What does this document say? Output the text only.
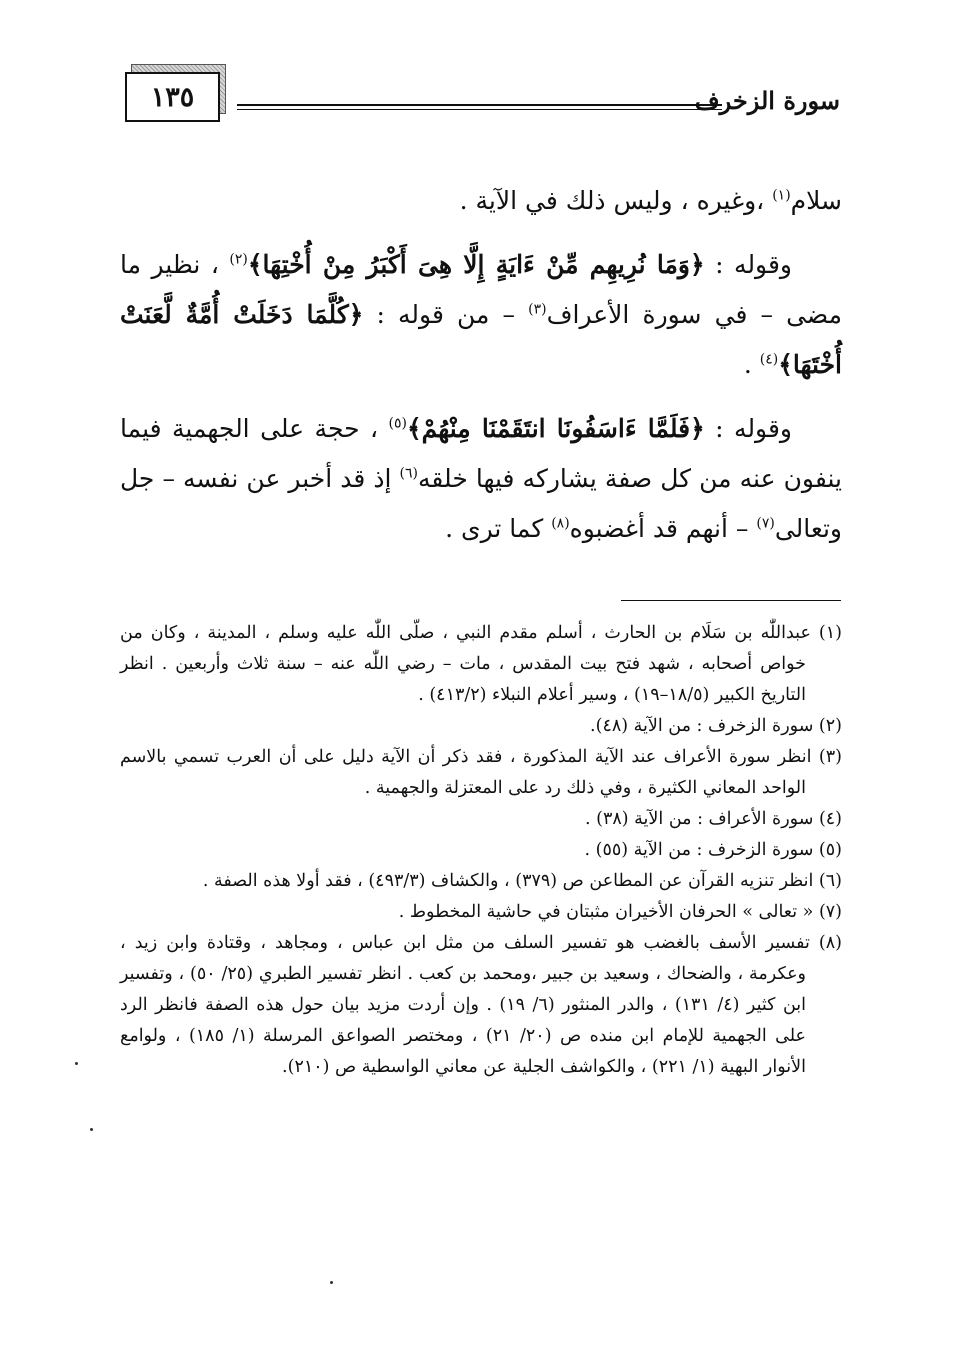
١٣٥	سورة الزخرف

سلام$^{(١)}$ ،وغيره ، وليس ذلك في الآية .

وقوله : ﴿وَمَا نُرِيهِم مِّنْ ءَايَةٍ إِلَّا هِىَ أَكْبَرُ مِنْ أُخْتِهَا﴾$^{(٢)}$ ، نظير ما مضى – في سورة الأعراف$^{(٣)}$ – من قوله : ﴿كُلَّمَا دَخَلَتْ أُمَّةٌ لَّعَنَتْ أُخْتَهَا﴾$^{(٤)}$ .

وقوله : ﴿فَلَمَّا ءَاسَفُونَا انتَقَمْنَا مِنْهُمْ﴾$^{(٥)}$ ، حجة على الجهمية فيما ينفون عنه من كل صفة يشاركه فيها خلقه$^{(٦)}$ إذ قد أخبر عن نفسه – جل وتعالى$^{(٧)}$ – أنهم قد أغضبوه$^{(٨)}$ كما ترى .

(١) عبداللّٰه بن سَلَام بن الحارث ، أسلم مقدم النبي ، صلّى اللّٰه عليه وسلم ، المدينة ، وكان من خواص أصحابه ، شهد فتح بيت المقدس ، مات – رضي اللّٰه عنه – سنة ثلاث وأربعين . انظر التاريخ الكبير (١٨/٥–١٩) ، وسير أعلام النبلاء (٤١٣/٢) .

(٢) سورة الزخرف : من الآية (٤٨).

(٣) انظر سورة الأعراف عند الآية المذكورة ، فقد ذكر أن الآية دليل على أن العرب تسمي بالاسم الواحد المعاني الكثيرة ، وفي ذلك رد على المعتزلة والجهمية .

(٤) سورة الأعراف : من الآية (٣٨) .

(٥) سورة الزخرف : من الآية (٥٥) .

(٦) انظر تنزيه القرآن عن المطاعن ص (٣٧٩) ، والكشاف (٤٩٣/٣) ، فقد أولا هذه الصفة .

(٧) « تعالى » الحرفان الأخيران مثبتان في حاشية المخطوط .

(٨) تفسير الأسف بالغضب هو تفسير السلف من مثل ابن عباس ، ومجاهد ، وقتادة وابن زيد ، وعكرمة ، والضحاك ، وسعيد بن جبير ،ومحمد بن كعب . انظر تفسير الطبري (٢٥/ ٥٠) ، وتفسير ابن كثير (٤/ ١٣١) ، والدر المنثور (٦/ ١٩) . وإن أردت مزيد بيان حول هذه الصفة فانظر الرد على الجهمية للإمام ابن منده ص (٢٠/ ٢١) ، ومختصر الصواعق المرسلة (١/ ١٨٥) ، ولوامع الأنوار البهية (١/ ٢٢١) ، والكواشف الجلية عن معاني الواسطية ص (٢١٠).
